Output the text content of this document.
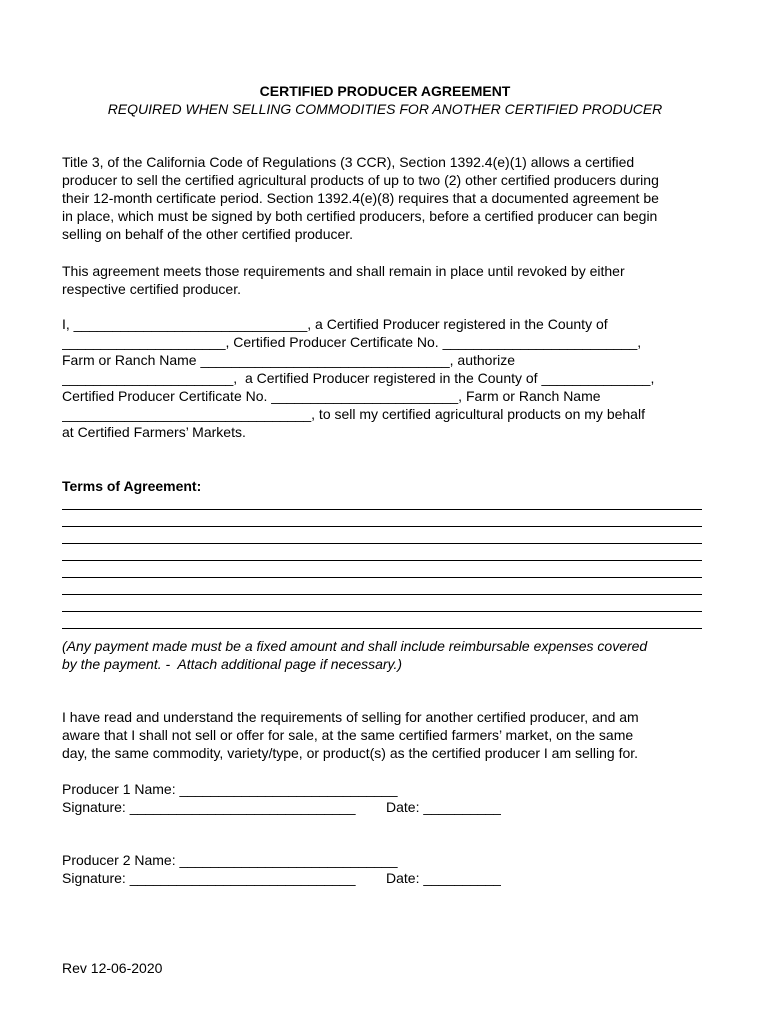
CERTIFIED PRODUCER AGREEMENT
REQUIRED WHEN SELLING COMMODITIES FOR ANOTHER CERTIFIED PRODUCER
Title 3, of the California Code of Regulations (3 CCR), Section 1392.4(e)(1) allows a certified
producer to sell the certified agricultural products of up to two (2) other certified producers during
their 12-month certificate period. Section 1392.4(e)(8) requires that a documented agreement be
in place, which must be signed by both certified producers, before a certified producer can begin
selling on behalf of the other certified producer.
This agreement meets those requirements and shall remain in place until revoked by either
respective certified producer.
I, ______________________________, a Certified Producer registered in the County of
_____________________, Certified Producer Certificate No. _________________________,
Farm or Ranch Name ________________________________, authorize
______________________,  a Certified Producer registered in the County of ______________,
Certified Producer Certificate No. ________________________, Farm or Ranch Name
________________________________, to sell my certified agricultural products on my behalf
at Certified Farmers’ Markets.
Terms of Agreement:
(Any payment made must be a fixed amount and shall include reimbursable expenses covered
by the payment. -  Attach additional page if necessary.)
I have read and understand the requirements of selling for another certified producer, and am
aware that I shall not sell or offer for sale, at the same certified farmers’ market, on the same
day, the same commodity, variety/type, or product(s) as the certified producer I am selling for.
Producer 1 Name: ____________________________
Signature: _____________________________ Date: __________
Producer 2 Name: ____________________________
Signature: _____________________________ Date: __________
Rev 12-06-2020
